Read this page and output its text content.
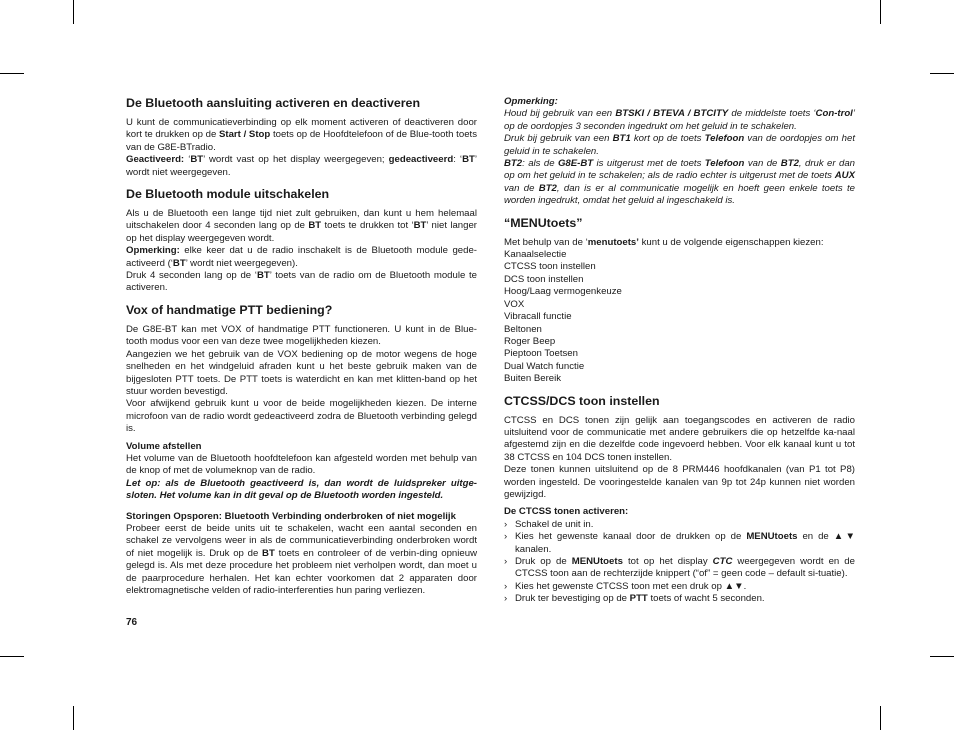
De Bluetooth aansluiting activeren en deactiveren

U kunt de communicatieverbinding op elk moment activeren of deactiveren door kort te drukken op de Start / Stop toets op de Hoofdtelefoon of de Blue-tooth toets van de G8E-BTradio.

Geactiveerd: ‘BT’ wordt vast op het display weergegeven; gedeactiveerd: ‘BT’ wordt niet weergegeven.

De Bluetooth module uitschakelen

Als u de Bluetooth een lange tijd niet zult gebruiken, dan kunt u hem helemaal uitschakelen door 4 seconden lang op de BT toets te drukken tot ‘BT’ niet langer op het display weergegeven wordt.

Opmerking: elke keer dat u de radio inschakelt is de Bluetooth module gede-activeerd (‘BT’ wordt niet weergegeven).

Druk 4 seconden lang op de ‘BT’ toets van de radio om de Bluetooth module te activeren.

Vox of handmatige PTT bediening?

De G8E-BT kan met VOX of handmatige PTT functioneren. U kunt in de Blue-tooth modus voor een van deze twee mogelijkheden kiezen.

Aangezien we het gebruik van de VOX bediening op de motor wegens de hoge snelheden en het windgeluid afraden kunt u het beste gebruik maken van de bijgesloten PTT toets. De PTT toets is waterdicht en kan met klitten-band op het stuur worden bevestigd.

Voor afwijkend gebruik kunt u voor de beide mogelijkheden kiezen. De interne microfoon van de radio wordt gedeactiveerd zodra de Bluetooth verbinding gelegd is.

Volume afstellen

Het volume van de Bluetooth hoofdtelefoon kan afgesteld worden met behulp van de knop of met de volumeknop van de radio.

Let op: als de Bluetooth geactiveerd is, dan wordt de luidspreker uitge-sloten. Het volume kan in dit geval op de Bluetooth worden ingesteld.

Storingen Opsporen: Bluetooth Verbinding onderbroken of niet mogelijk

Probeer eerst de beide units uit te schakelen, wacht een aantal seconden en schakel ze vervolgens weer in als de communicatieverbinding onderbroken wordt of niet mogelijk is. Druk op de BT toets en controleer of de verbin-ding opnieuw gelegd is. Als met deze procedure het probleem niet verholpen wordt, dan moet u de paarprocedure herhalen. Het kan echter voorkomen dat 2 apparaten door elektromagnetische velden of radio-interferenties hun paring verliezen.

76
Opmerking:

Houd bij gebruik van een BTSKI / BTEVA / BTCITY de middelste toets ‘Con-trol’ op de oordopjes 3 seconden ingedrukt om het geluid in te schakelen.

Druk bij gebruik van een BT1 kort op de toets Telefoon van de oordopjes om het geluid in te schakelen.

BT2: als de G8E-BT is uitgerust met de toets Telefoon van de BT2, druk er dan op om het geluid in te schakelen; als de radio echter is uitgerust met de toets AUX van de BT2, dan is er al communicatie mogelijk en hoeft geen enkele toets te worden ingedrukt, omdat het geluid al ingeschakeld is.

“MENUtoets”

Met behulp van de ‘menutoets’ kunt u de volgende eigenschappen kiezen:

Kanaalselectie
CTCSS toon instellen
DCS toon instellen
Hoog/Laag vermogenkeuze
VOX
Vibracall functie
Beltonen
Roger Beep
Pieptoon Toetsen
Dual Watch functie
Buiten Bereik
CTCSS/DCS toon instellen

CTCSS en DCS tonen zijn gelijk aan toegangscodes en activeren de radio uitsluitend voor de communicatie met andere gebruikers die op hetzelfde ka-naal afgestemd zijn en die dezelfde code ingevoerd hebben. Voor elk kanaal kunt u tot 38 CTCSS en 104 DCS tonen instellen.

Deze tonen kunnen uitsluitend op de 8 PRM446 hoofdkanalen (van P1 tot P8) worden ingesteld. De vooringestelde kanalen van 9p tot 24p kunnen niet worden gewijzigd.

De CTCSS tonen activeren:
› Schakel de unit in.
› Kies het gewenste kanaal door de drukken op de MENUtoets en de ▲▼ kanalen.
› Druk op de MENUtoets tot op het display CTC weergegeven wordt en de CTCSS toon aan de rechterzijde knippert (“of” = geen code – default si-tuatie).
› Kies het gewenste CTCSS toon met een druk op ▲▼.
› Druk ter bevestiging op de PTT toets of wacht 5 seconden.
